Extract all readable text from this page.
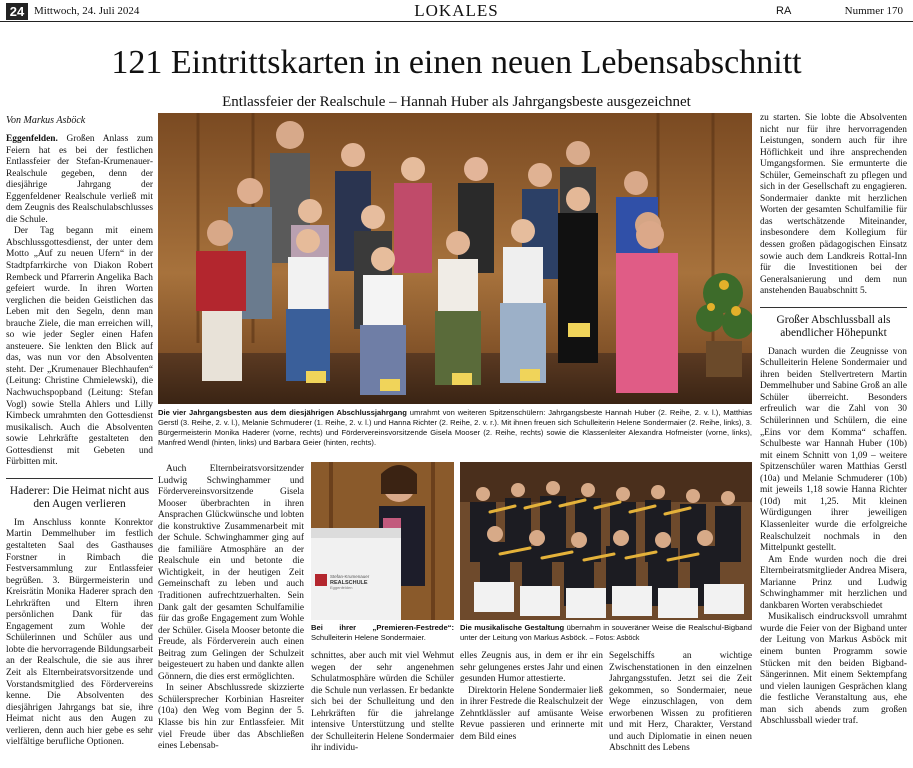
24 Mittwoch, 24. Juli 2024	LOKALES	RA	Nummer 170
121 Eintrittskarten in einen neuen Lebensabschnitt
Entlassfeier der Realschule – Hannah Huber als Jahrgangsbeste ausgezeichnet
Von Markus Asböck

Eggenfelden. Großen Anlass zum Feiern hat es bei der festlichen Entlassfeier der Stefan-Krumenauer-Realschule gegeben, denn der diesjährige Jahrgang der Eggenfeldener Realschule verließ mit dem Zeugnis des Realschulabschlusses die Schule.

Der Tag begann mit einem Abschlussgottesdienst, der unter dem Motto „Auf zu neuen Ufern“ in der Stadtpfarrkirche von Diakon Robert Rembeck und Pfarrerin Angelika Bach gefeiert wurde. In ihren Worten verglichen die beiden Geistlichen das Leben mit den Segeln, denn man brauche Ziele, die man erreichen will, so wie jeder Segler einen Hafen ansteuere. Sie lenkten den Blick auf das, was nun vor den Absolventen steht. Der „Krumenauer Blechhaufen“ (Leitung: Christine Chmielewski), die Nachwuchspopband (Leitung: Stefan Vogl) sowie Stella Ahlers und Lilly Kimbeck umrahmten den Gottesdienst musikalisch. Auch die Absolventen sowie Lehrkräfte gestalteten den Gottesdienst mit Gebeten und Fürbitten mit.

Haderer: Die Heimat nicht aus den Augen verlieren

Im Anschluss konnte Konrektor Martin Demmelhuber im festlich gestalteten Saal des Gasthauses Forstner in Rimbach die Festversammlung zur Entlassfeier begrüßen. 3. Bürgermeisterin und Kreisrätin Monika Haderer sprach den Lehrkräften und Eltern ihren persönlichen Dank für das Engagement zum Wohle der Schülerinnen und Schüler aus und lobte die hervorragende Bildungsarbeit an der Realschule, die sie aus ihrer Zeit als Elternbeiratsvorsitzende und Vorstandsmitglied des Fördervereins kenne. Die Absolventen des diesjährigen Jahrgangs bat sie, ihre Heimat nicht aus den Augen zu verlieren, denn auch hier gebe es sehr vielfältige berufliche Optionen.

Die vier Jahrgangsbesten aus dem diesjährigen Abschlussjahrgang umrahmt von weiteren Spitzenschülern: Jahrgangsbeste Hannah Huber (2. Reihe, 2. v. l.), Matthias Gerstl (3. Reihe, 2. v. l.), Melanie Schmuderer (1. Reihe, 2. v. l.) und Hanna Richter (2. Reihe, 2. v. r.). Mit ihnen freuen sich Schulleiterin Helene Sondermaier (2. Reihe, links), 3. Bürgermeisterin Monika Haderer (vorne, rechts) und Fördervereinsvorsitzende Gisela Mooser (2. Reihe, rechts) sowie die Klassenleiter Alexandra Hofmeister (vorne, links), Manfred Wendl (hinten, links) und Barbara Geier (hinten, rechts).

Auch Elternbeiratsvorsitzender Ludwig Schwinghammer und Fördervereinsvorsitzende Gisela Mooser überbrachten in ihren Ansprachen Glückwünsche und lobten die konstruktive Zusammenarbeit mit der Schule. Schwinghammer ging auf die familiäre Atmosphäre an der Realschule ein und betonte die Wichtigkeit, in der heutigen Zeit Gemeinschaft zu leben und auch Traditionen aufrechtzuerhalten. Sein Dank galt der gesamten Schulfamilie für das große Engagement zum Wohle der Schüler. Gisela Mooser betonte die Freude, als Förderverein auch einen Beitrag zum Gelingen der Schulzeit beigesteuert zu haben und dankte allen Gönnern, die dies erst ermöglichten.

In seiner Abschlussrede skizzierte Schülersprecher Korbinian Hasreiter (10a) den Weg vom Beginn der 5. Klasse bis hin zur Entlassfeier. Mit viel Freude über das Abschließen eines Lebensab-

Stefan-Krumenauer
REALSCHULE
Eggenfelden
Bei ihrer „Premieren-Festrede“: Schulleiterin Helene Sondermaier.
Die musikalische Gestaltung übernahm in souveräner Weise die Realschul-Bigband unter der Leitung von Markus Asböck. – Fotos: Asböck

schnittes, aber auch mit viel Wehmut wegen der sehr angenehmen Schulatmosphäre würden die Schüler die Schule nun verlassen. Er bedankte sich bei der Schulleitung und den Lehrkräften für die jahrelange intensive Unterstützung und stellte der Schulleiterin Helene Sondermaier ihr individu-

elles Zeugnis aus, in dem er ihr ein sehr gelungenes erstes Jahr und einen gesunden Humor attestierte.

Direktorin Helene Sondermaier ließ in ihrer Festrede die Realschulzeit der Zehntklässler auf amüsante Weise Revue passieren und erinnerte mit dem Bild eines

Segelschiffs an wichtige Zwischenstationen in den einzelnen Jahrgangsstufen. Jetzt sei die Zeit gekommen, so Sondermaier, neue Wege einzuschlagen, von dem erworbenen Wissen zu profitieren und mit Herz, Charakter, Verstand und auch Diplomatie in einen neuen Abschnitt des Lebens

zu starten. Sie lobte die Absolventen nicht nur für ihre hervorragenden Leistungen, sondern auch für ihre Höflichkeit und ihre ansprechenden Umgangsformen. Sie ermunterte die Schüler, Gemeinschaft zu pflegen und sich in der Gesellschaft zu engagieren. Sondermaier dankte mit herzlichen Worten der gesamten Schulfamilie für das wertschätzende Miteinander, insbesondere dem Kollegium für dessen großen pädagogischen Einsatz sowie auch dem Landkreis Rottal-Inn für die Investitionen bei der Generalsanierung und dem nun anstehenden Bauabschnitt 5.

Großer Abschlussball als abendlicher Höhepunkt

Danach wurden die Zeugnisse von Schulleiterin Helene Sondermaier und ihren beiden Stellvertretern Martin Demmelhuber und Sabine Groß an alle Schüler überreicht. Besonders erfreulich war die Zahl von 30 Schülerinnen und Schülern, die eine „Eins vor dem Komma“ schaffen. Schulbeste war Hannah Huber (10b) mit einem Schnitt von 1,09 – weitere Spitzenschüler waren Matthias Gerstl (10a) und Melanie Schmuderer (10b) mit jeweils 1,18 sowie Hanna Richter (10d) mit 1,25. Mit kleinen Würdigungen ihrer jeweiligen Klassenleiter wurde die erfolgreiche Realschulzeit nochmals in den Mittelpunkt gestellt.

Am Ende wurden noch die drei Elternbeiratsmitglieder Andrea Misera, Marianne Prinz und Ludwig Schwinghammer mit herzlichen und dankbaren Worten verabschiedet

Musikalisch eindrucksvoll umrahmt wurde die Feier von der Bigband unter der Leitung von Markus Asböck mit einem bunten Programm sowie Stücken mit den beiden Bigband-Sängerinnen. Mit einem Sektempfang und vielen launigen Gesprächen klang die festliche Veranstaltung aus, ehe man sich abends zum großen Abschlussball wieder traf.
